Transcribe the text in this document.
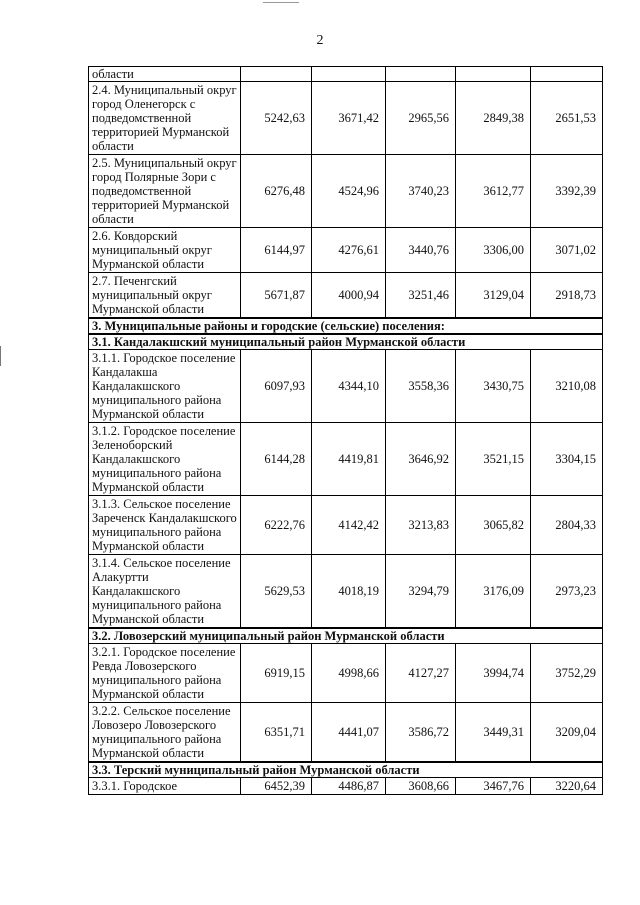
2
области					
2.4. Муниципальный округ город Оленегорск с подведомственной территорией Мурманской области	5242,63	3671,42	2965,56	2849,38	2651,53
2.5. Муниципальный округ город Полярные Зори с подведомственной территорией Мурманской области	6276,48	4524,96	3740,23	3612,77	3392,39
2.6. Ковдорский муниципальный округ Мурманской области	6144,97	4276,61	3440,76	3306,00	3071,02
2.7. Печенгский муниципальный округ Мурманской области	5671,87	4000,94	3251,46	3129,04	2918,73
3. Муниципальные районы и городские (сельские) поселения:					
3.1. Кандалакшский муниципальный район Мурманской области					
3.1.1. Городское поселение Кандалакша Кандалакшского муниципального района Мурманской области	6097,93	4344,10	3558,36	3430,75	3210,08
3.1.2. Городское поселение Зеленоборский Кандалакшского муниципального района Мурманской области	6144,28	4419,81	3646,92	3521,15	3304,15
3.1.3. Сельское поселение Зареченск Кандалакшского муниципального района Мурманской области	6222,76	4142,42	3213,83	3065,82	2804,33
3.1.4. Сельское поселение Алакуртти Кандалакшского муниципального района Мурманской области	5629,53	4018,19	3294,79	3176,09	2973,23
3.2. Ловозерский муниципальный район Мурманской области					
3.2.1. Городское поселение Ревда Ловозерского муниципального района Мурманской области	6919,15	4998,66	4127,27	3994,74	3752,29
3.2.2. Сельское поселение Ловозеро Ловозерского муниципального района Мурманской области	6351,71	4441,07	3586,72	3449,31	3209,04
3.3. Терский муниципальный район Мурманской области					
3.3.1. Городское	6452,39	4486,87	3608,66	3467,76	3220,64
